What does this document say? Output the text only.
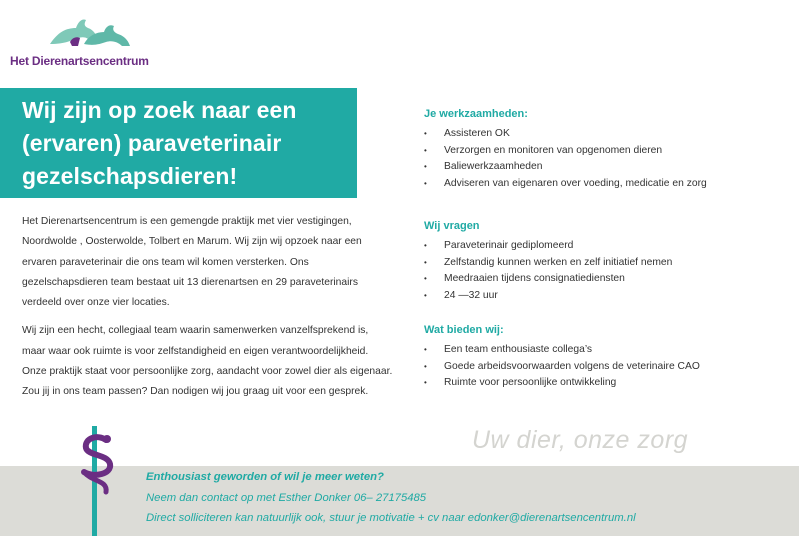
Het Dierenartsencentrum
Wij zijn op zoek naar een
(ervaren) paraveterinair
gezelschapsdieren!

Het Dierenartsencentrum is een gemengde praktijk met vier vestigingen,
Noordwolde , Oosterwolde, Tolbert en Marum. Wij zijn wij opzoek naar een
ervaren paraveterinair die ons team wil komen versterken. Ons
gezelschapsdieren team bestaat uit 13 dierenartsen en 29 paraveterinairs
verdeeld over onze vier locaties.

Wij zijn een hecht, collegiaal team waarin samenwerken vanzelfsprekend is,
maar waar ook ruimte is voor zelfstandigheid en eigen verantwoordelijkheid.
Onze praktijk staat voor persoonlijke zorg, aandacht voor zowel dier als eigenaar.
Zou jij in ons team passen? Dan nodigen wij jou graag uit voor een gesprek.

Je werkzaamheden:
• Assisteren OK
• Verzorgen en monitoren van opgenomen dieren
• Baliewerkzaamheden
• Adviseren van eigenaren over voeding, medicatie en zorg
Wij vragen
• Paraveterinair gediplomeerd
• Zelfstandig kunnen werken en zelf initiatief nemen
• Meedraaien tijdens consignatiediensten
• 24 —32 uur
Wat bieden wij:
• Een team enthousiaste collega’s
• Goede arbeidsvoorwaarden volgens de veterinaire CAO
• Ruimte voor persoonlijke ontwikkeling
Uw dier, onze zorg
Enthousiast geworden of wil je meer weten?
Neem dan contact op met Esther Donker 06– 27175485
Direct solliciteren kan natuurlijk ook, stuur je motivatie + cv naar edonker@dierenartsencentrum.nl
